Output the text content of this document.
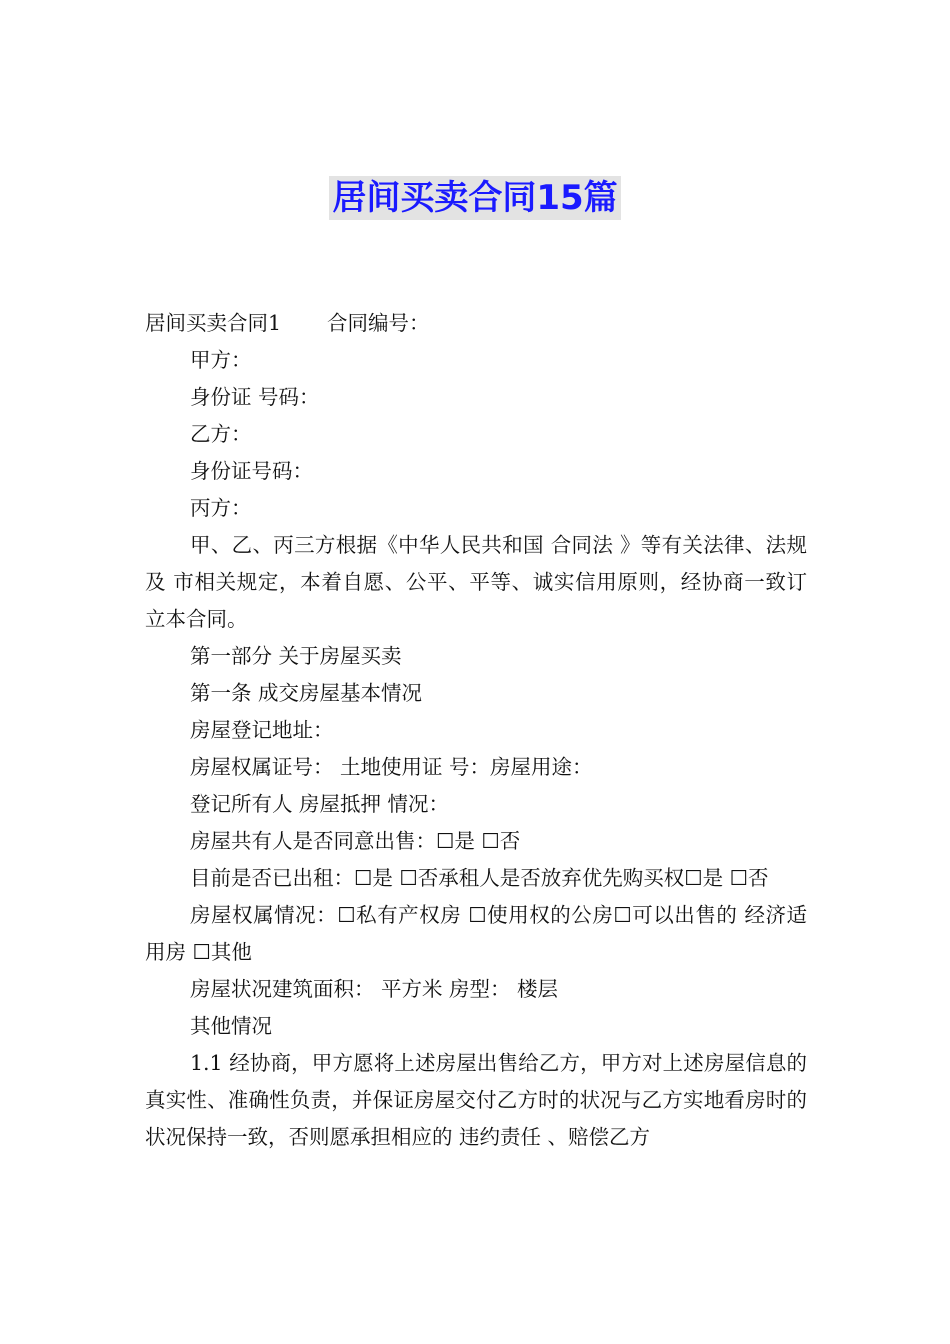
居间买卖合同15篇
居间买卖合同1 合同编号：
甲方：
身份证 号码：
乙方：
身份证号码：
丙方：
甲、乙、丙三方根据《中华人民共和国 合同法 》等有关法律、法规 及 市相关规定，本着自愿、公平、平等、诚实信用原则，经协商一致订立本合同。
第一部分 关于房屋买卖
第一条 成交房屋基本情况
房屋登记地址：
房屋权属证号： 土地使用证 号：房屋用途：
登记所有人 房屋抵押 情况：
房屋共有人是否同意出售：☐是 ☐否
目前是否已出租：☐是 ☐否承租人是否放弃优先购买权☐是 ☐否
房屋权属情况：☐私有产权房 ☐使用权的公房☐可以出售的 经济适用房 ☐其他
房屋状况建筑面积： 平方米 房型： 楼层
其他情况
1.1 经协商，甲方愿将上述房屋出售给乙方，甲方对上述房屋信息的真实性、准确性负责，并保证房屋交付乙方时的状况与乙方实地看房时的状况保持一致，否则愿承担相应的 违约责任 、赔偿乙方
